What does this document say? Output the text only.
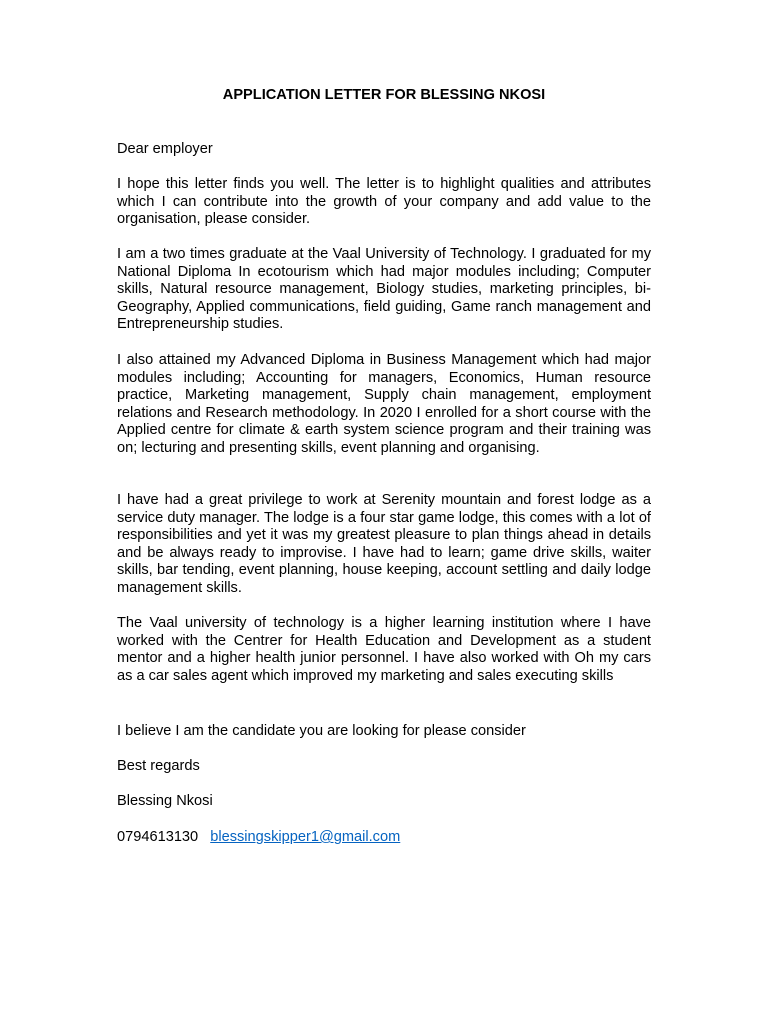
APPLICATION LETTER FOR BLESSING NKOSI

Dear employer

I hope this letter finds you well. The letter is to highlight qualities and attributes which I can contribute into the growth of your company and add value to the organisation, please consider.

I am a two times graduate at the Vaal University of Technology. I graduated for my National Diploma In ecotourism which had major modules including; Computer skills, Natural resource management, Biology studies, marketing principles, bi-Geography, Applied communications, field guiding, Game ranch management and Entrepreneurship studies.

I also attained my Advanced Diploma in Business Management which had major modules including; Accounting for managers, Economics, Human resource practice, Marketing management, Supply chain management, employment relations and Research methodology. In 2020 I enrolled for a short course with the Applied centre for climate & earth system science program and their training was on; lecturing and presenting skills, event planning and organising.

I have had a great privilege to work at Serenity mountain and forest lodge as a service duty manager. The lodge is a four star game lodge, this comes with a lot of responsibilities and yet it was my greatest pleasure to plan things ahead in details and be always ready to improvise. I have had to learn; game drive skills, waiter skills, bar tending, event planning, house keeping, account settling and daily lodge management skills.

The Vaal university of technology is a higher learning institution where I have worked with the Centrer for Health Education and Development as a student mentor and a higher health junior personnel. I have also worked with Oh my cars as a car sales agent which improved my marketing and sales executing skills

I believe I am the candidate you are looking for please consider

Best regards

Blessing Nkosi

0794613130 blessingskipper1@gmail.com
